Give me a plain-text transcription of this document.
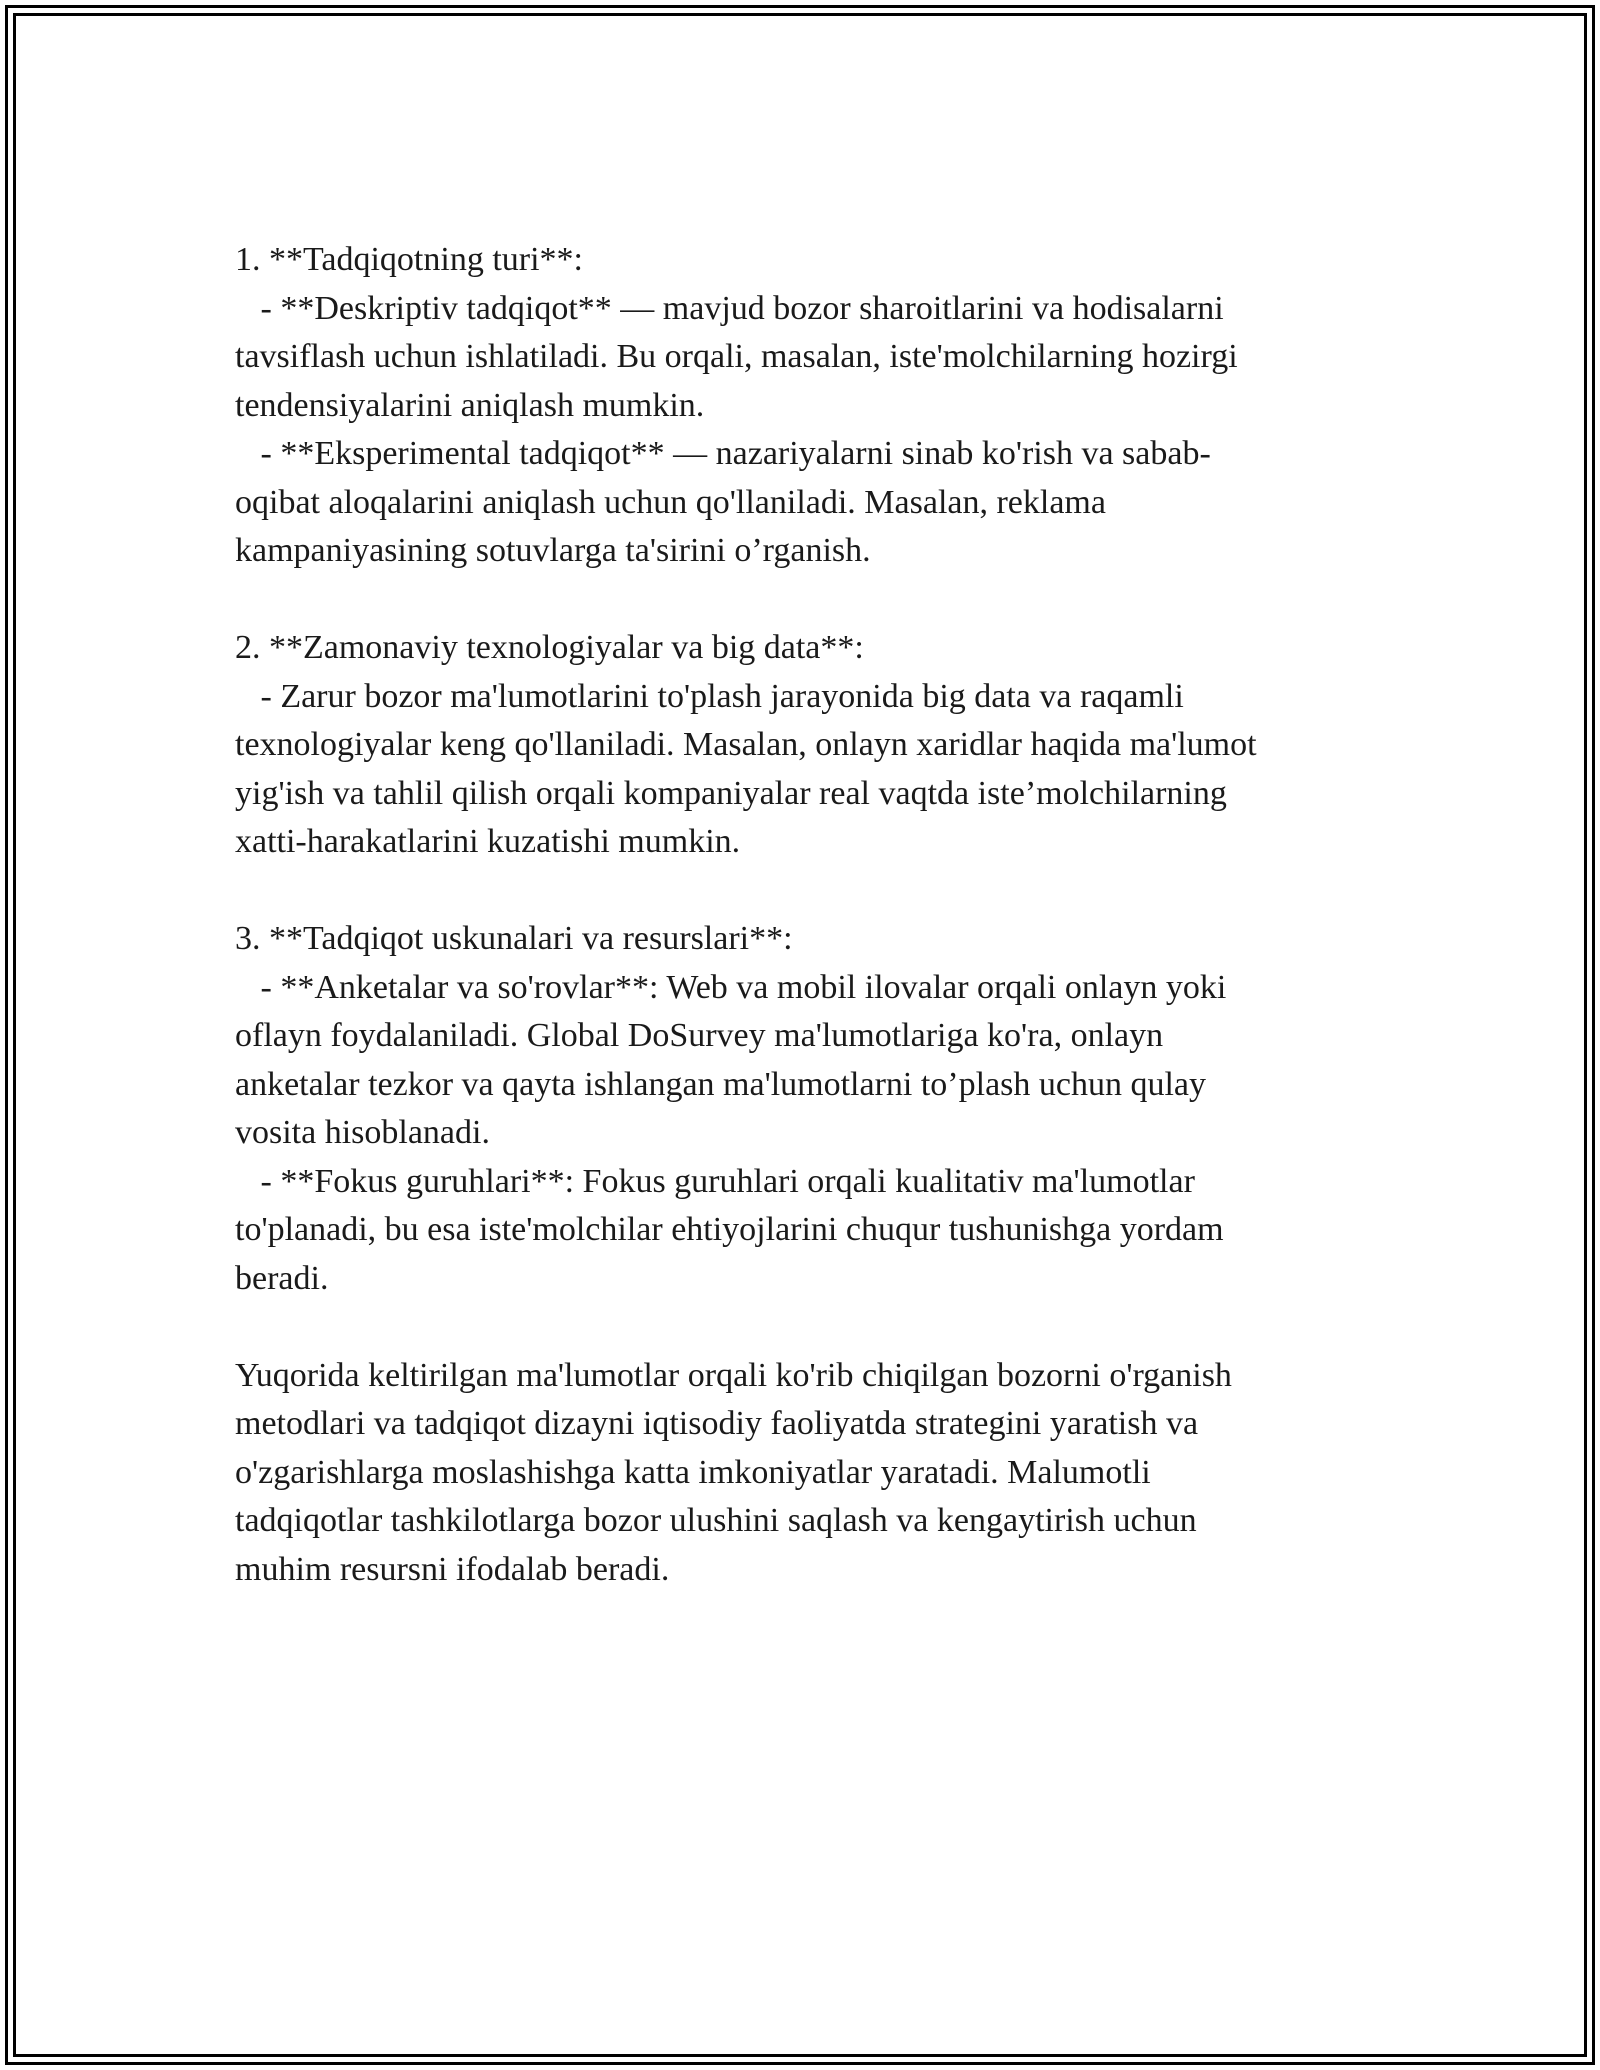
1. **Tadqiqotning turi**:
- **Deskriptiv tadqiqot** — mavjud bozor sharoitlarini va hodisalarni
tavsiflash uchun ishlatiladi. Bu orqali, masalan, iste'molchilarning hozirgi
tendensiyalarini aniqlash mumkin.
- **Eksperimental tadqiqot** — nazariyalarni sinab ko'rish va sabab-
oqibat aloqalarini aniqlash uchun qo'llaniladi. Masalan, reklama
kampaniyasining sotuvlarga ta'sirini o’rganish.
2. **Zamonaviy texnologiyalar va big data**:
- Zarur bozor ma'lumotlarini to'plash jarayonida big data va raqamli
texnologiyalar keng qo'llaniladi. Masalan, onlayn xaridlar haqida ma'lumot
yig'ish va tahlil qilish orqali kompaniyalar real vaqtda iste’molchilarning
xatti-harakatlarini kuzatishi mumkin.
3. **Tadqiqot uskunalari va resurslari**:
- **Anketalar va so'rovlar**: Web va mobil ilovalar orqali onlayn yoki
oflayn foydalaniladi. Global DoSurvey ma'lumotlariga ko'ra, onlayn
anketalar tezkor va qayta ishlangan ma'lumotlarni to’plash uchun qulay
vosita hisoblanadi.
- **Fokus guruhlari**: Fokus guruhlari orqali kualitativ ma'lumotlar
to'planadi, bu esa iste'molchilar ehtiyojlarini chuqur tushunishga yordam
beradi.
Yuqorida keltirilgan ma'lumotlar orqali ko'rib chiqilgan bozorni o'rganish
metodlari va tadqiqot dizayni iqtisodiy faoliyatda strategini yaratish va
o'zgarishlarga moslashishga katta imkoniyatlar yaratadi. Malumotli
tadqiqotlar tashkilotlarga bozor ulushini saqlash va kengaytirish uchun
muhim resursni ifodalab beradi.
